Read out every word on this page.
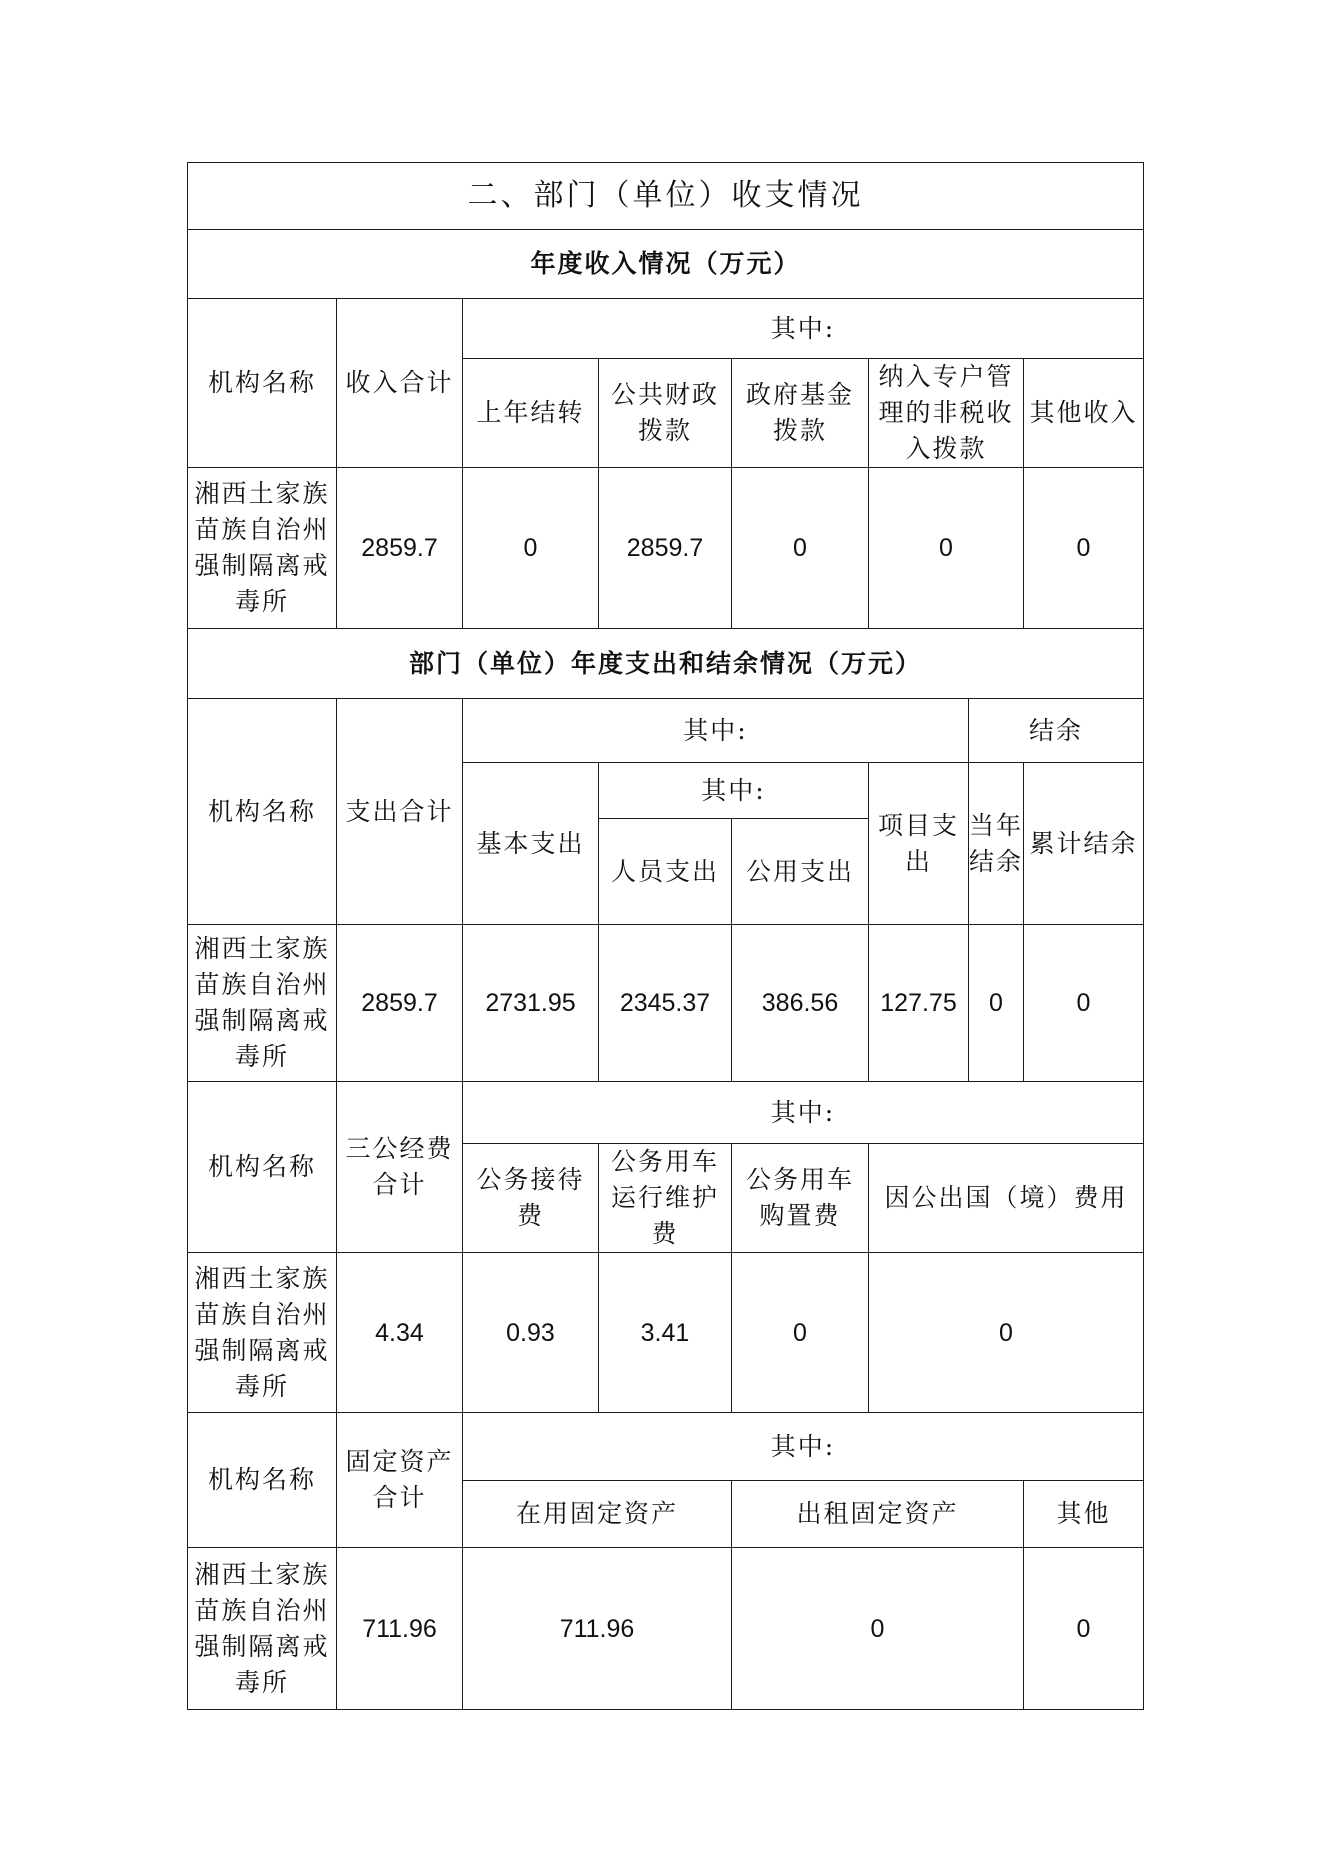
二、部门（单位）收支情况							
年度收入情况（万元）							
机构名称	收入合计	其中:					
		上年结转	公共财政拨款	政府基金拨款	纳入专户管理的非税收入拨款		其他收入
湘西土家族苗族自治州强制隔离戒毒所	2859.7	0	2859.7	0	0		0
部门（单位）年度支出和结余情况（万元）							
机构名称	支出合计	其中:				结余	
		基本支出	其中:		项目支出	当年结余	累计结余
			人员支出	公用支出			
湘西土家族苗族自治州强制隔离戒毒所	2859.7	2731.95	2345.37	386.56	127.75	0	0
机构名称	三公经费合计	其中:					
		公务接待费	公务用车运行维护费	公务用车购置费	因公出国（境）费用		
湘西土家族苗族自治州强制隔离戒毒所	4.34	0.93	3.41	0	0		
机构名称	固定资产合计	其中:					
		在用固定资产		出租固定资产			其他
湘西土家族苗族自治州强制隔离戒毒所	711.96	711.96		0			0
